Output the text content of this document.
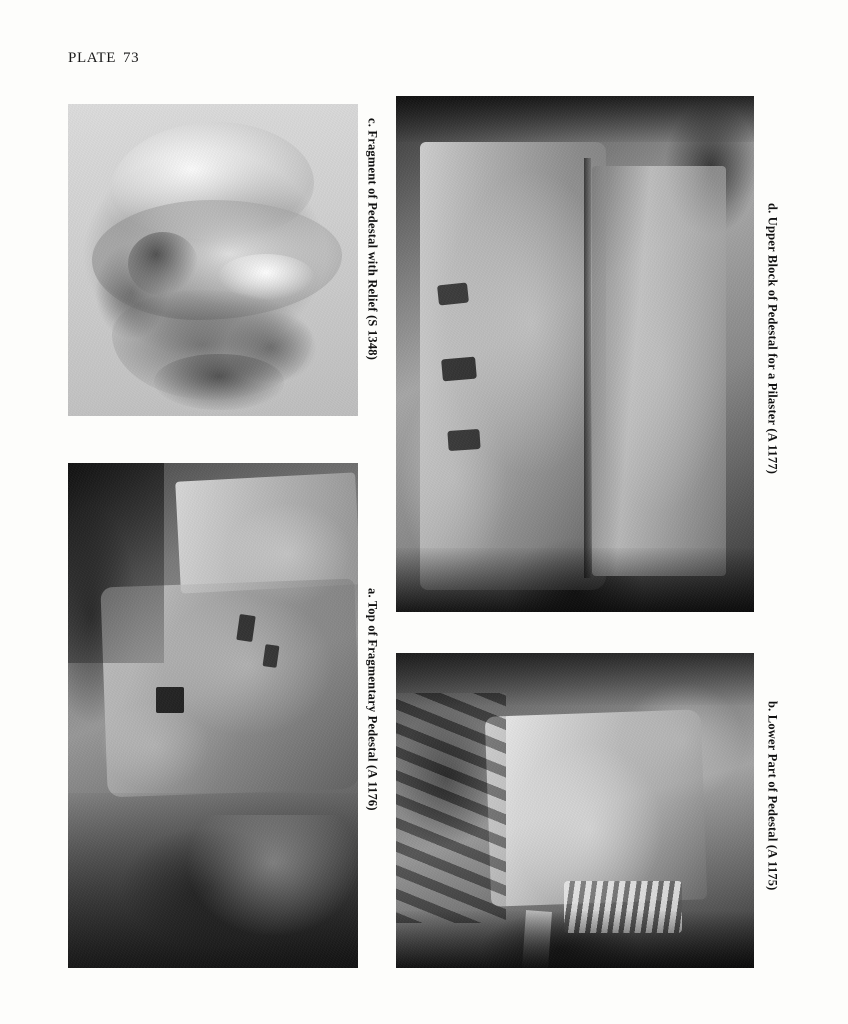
PLATE 73
c. Fragment of Pedestal with Relief (S 1348)	d. Upper Block of Pedestal for a Pilaster (A 1177)
a. Top of Fragmentary Pedestal (A 1176)	b. Lower Part of Pedestal (A 1175)
